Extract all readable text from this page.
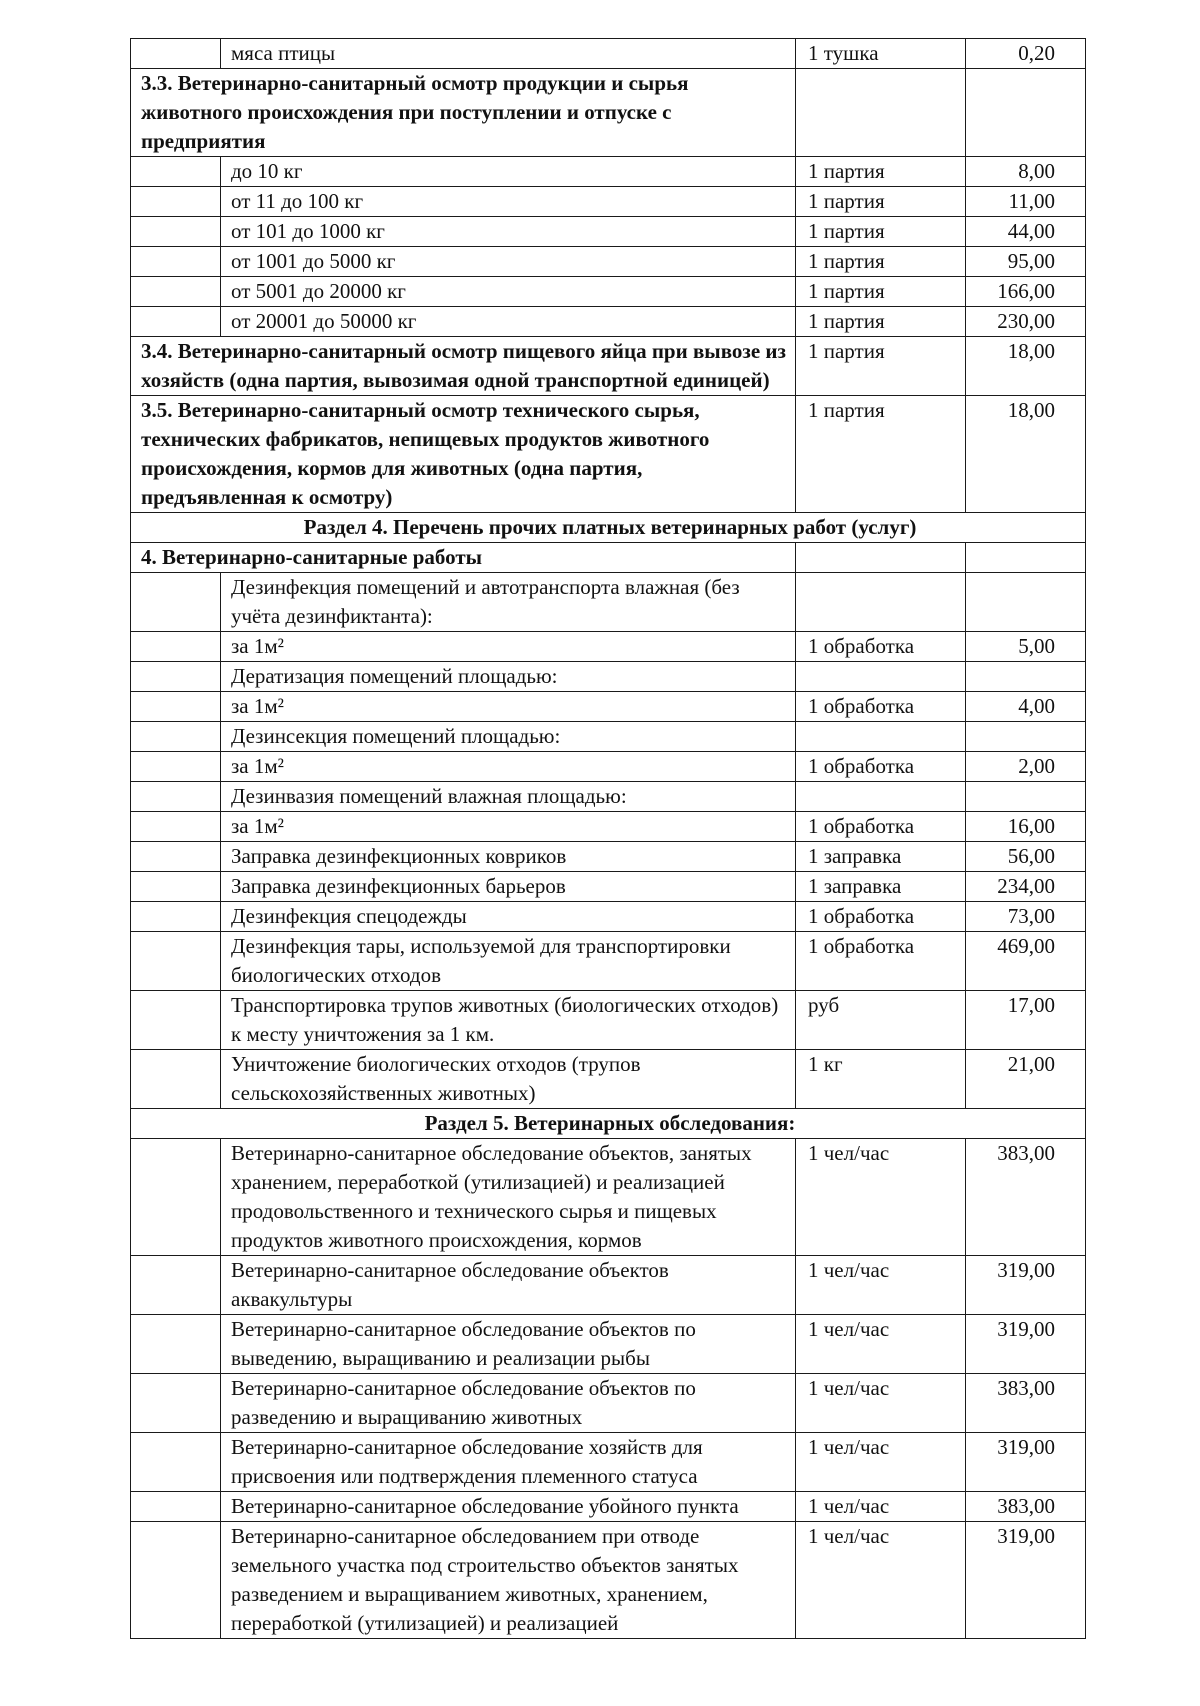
	мяса птицы	1 тушка	0,20
3.3. Ветеринарно-санитарный осмотр продукции и сырья животного происхождения при поступлении и отпуске с предприятия			
	до 10 кг	1 партия	8,00
	от 11 до 100 кг	1 партия	11,00
	от 101 до 1000 кг	1 партия	44,00
	от 1001 до 5000 кг	1 партия	95,00
	от 5001 до 20000 кг	1 партия	166,00
	от 20001 до 50000 кг	1 партия	230,00
3.4. Ветеринарно-санитарный осмотр пищевого яйца при вывозе из хозяйств (одна партия, вывозимая одной транспортной единицей)		1 партия	18,00
3.5. Ветеринарно-санитарный осмотр технического сырья, технических фабрикатов, непищевых продуктов животного происхождения, кормов для животных (одна партия, предъявленная к осмотру)		1 партия	18,00
Раздел 4. Перечень прочих платных ветеринарных работ (услуг)			
4. Ветеринарно-санитарные работы			
	Дезинфекция помещений и автотранспорта влажная (без учёта дезинфиктанта):		
	за 1м²	1 обработка	5,00
	Дератизация помещений площадью:		
	за 1м²	1 обработка	4,00
	Дезинсекция помещений площадью:		
	за 1м²	1 обработка	2,00
	Дезинвазия помещений влажная площадью:		
	за 1м²	1 обработка	16,00
	Заправка дезинфекционных ковриков	1 заправка	56,00
	Заправка дезинфекционных барьеров	1 заправка	234,00
	Дезинфекция спецодежды	1 обработка	73,00
	Дезинфекция тары, используемой для транспортировки биологических отходов	1 обработка	469,00
	Транспортировка трупов животных (биологических отходов) к месту уничтожения за 1 км.	руб	17,00
	Уничтожение биологических отходов (трупов сельскохозяйственных животных)	1 кг	21,00
Раздел 5. Ветеринарных обследования:			
	Ветеринарно-санитарное обследование объектов, занятых хранением, переработкой (утилизацией) и реализацией продовольственного и технического сырья и пищевых продуктов животного происхождения, кормов	1 чел/час	383,00
	Ветеринарно-санитарное обследование объектов аквакультуры	1 чел/час	319,00
	Ветеринарно-санитарное обследование объектов по выведению, выращиванию и реализации рыбы	1 чел/час	319,00
	Ветеринарно-санитарное обследование объектов по разведению и выращиванию животных	1 чел/час	383,00
	Ветеринарно-санитарное обследование хозяйств для присвоения или подтверждения племенного статуса	1 чел/час	319,00
	Ветеринарно-санитарное обследование убойного пункта	1 чел/час	383,00
	Ветеринарно-санитарное обследованием при отводе земельного участка под строительство объектов занятых разведением и выращиванием животных, хранением, переработкой (утилизацией) и реализацией	1 чел/час	319,00
